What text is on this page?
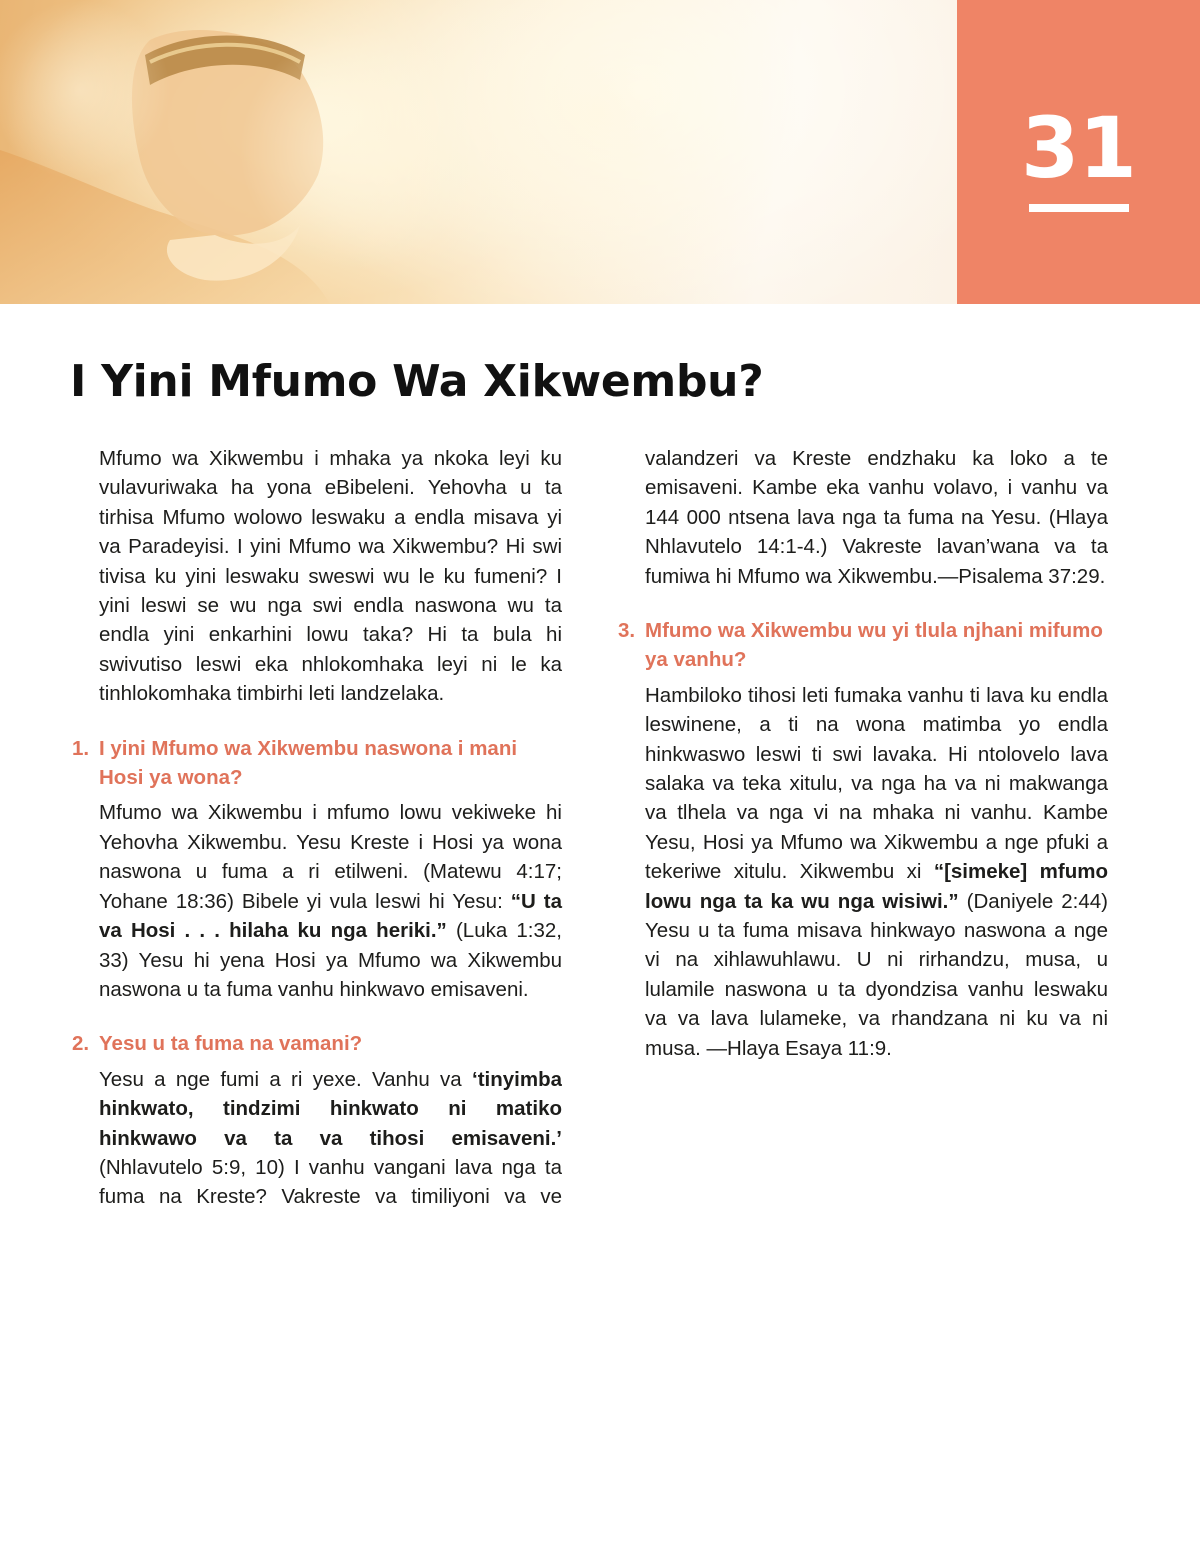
31
I Yini Mfumo Wa Xikwembu?

Mfumo wa Xikwembu i mhaka ya nkoka leyi ku vulavuriwaka ha yona eBibeleni. Yehovha u ta tirhisa Mfumo wolowo leswaku a endla misava yi va Paradeyisi. I yini Mfumo wa Xikwembu? Hi swi tivisa ku yini leswaku sweswi wu le ku fumeni? I yini leswi se wu nga swi endla naswona wu ta endla yini enkarhini lowu taka? Hi ta bula hi swivutiso leswi eka nhlokomhaka leyi ni le ka tinhlokomhaka timbirhi leti landzelaka.

1. I yini Mfumo wa Xikwembu naswona i mani Hosi ya wona?

Mfumo wa Xikwembu i mfumo lowu vekiweke hi Yehovha Xikwembu. Yesu Kreste i Hosi ya wona naswona u fuma a ri etilweni. (Matewu 4:17; Yohane 18:36) Bibele yi vula leswi hi Yesu: “U ta va Hosi . . . hilaha ku nga heriki.” (Luka 1:32, 33) Yesu hi yena Hosi ya Mfumo wa Xikwembu naswona u ta fuma vanhu hinkwavo emisaveni.

2. Yesu u ta fuma na vamani?

Yesu a nge fumi a ri yexe. Vanhu va ‘tinyimba hinkwato, tindzimi hinkwato ni matiko hinkwawo va ta va tihosi emisaveni.’ (Nhlavutelo 5:9, 10) I vanhu vangani lava nga ta fuma na Kreste? Vakreste va timiliyoni va ve

valandzeri va Kreste endzhaku ka loko a te emisaveni. Kambe eka vanhu volavo, i vanhu va 144 000 ntsena lava nga ta fuma na Yesu. (Hlaya Nhlavutelo 14:1-4.) Vakreste lavan’wana va ta fumiwa hi Mfumo wa Xikwembu.—Pisalema 37:29.

3. Mfumo wa Xikwembu wu yi tlula njhani mifumo ya vanhu?

Hambiloko tihosi leti fumaka vanhu ti lava ku endla leswinene, a ti na wona matimba yo endla hinkwaswo leswi ti swi lavaka. Hi ntolovelo lava salaka va teka xitulu, va nga ha va ni makwanga va tlhela va nga vi na mhaka ni vanhu. Kambe Yesu, Hosi ya Mfumo wa Xikwembu a nge pfuki a tekeriwe xitulu. Xikwembu xi “[simeke] mfumo lowu nga ta ka wu nga wisiwi.” (Daniyele 2:44) Yesu u ta fuma misava hinkwayo naswona a nge vi na xihlawuhlawu. U ni rirhandzu, musa, u lulamile naswona u ta dyondzisa vanhu leswaku va va lava lulameke, va rhandzana ni ku va ni musa. —Hlaya Esaya 11:9.
